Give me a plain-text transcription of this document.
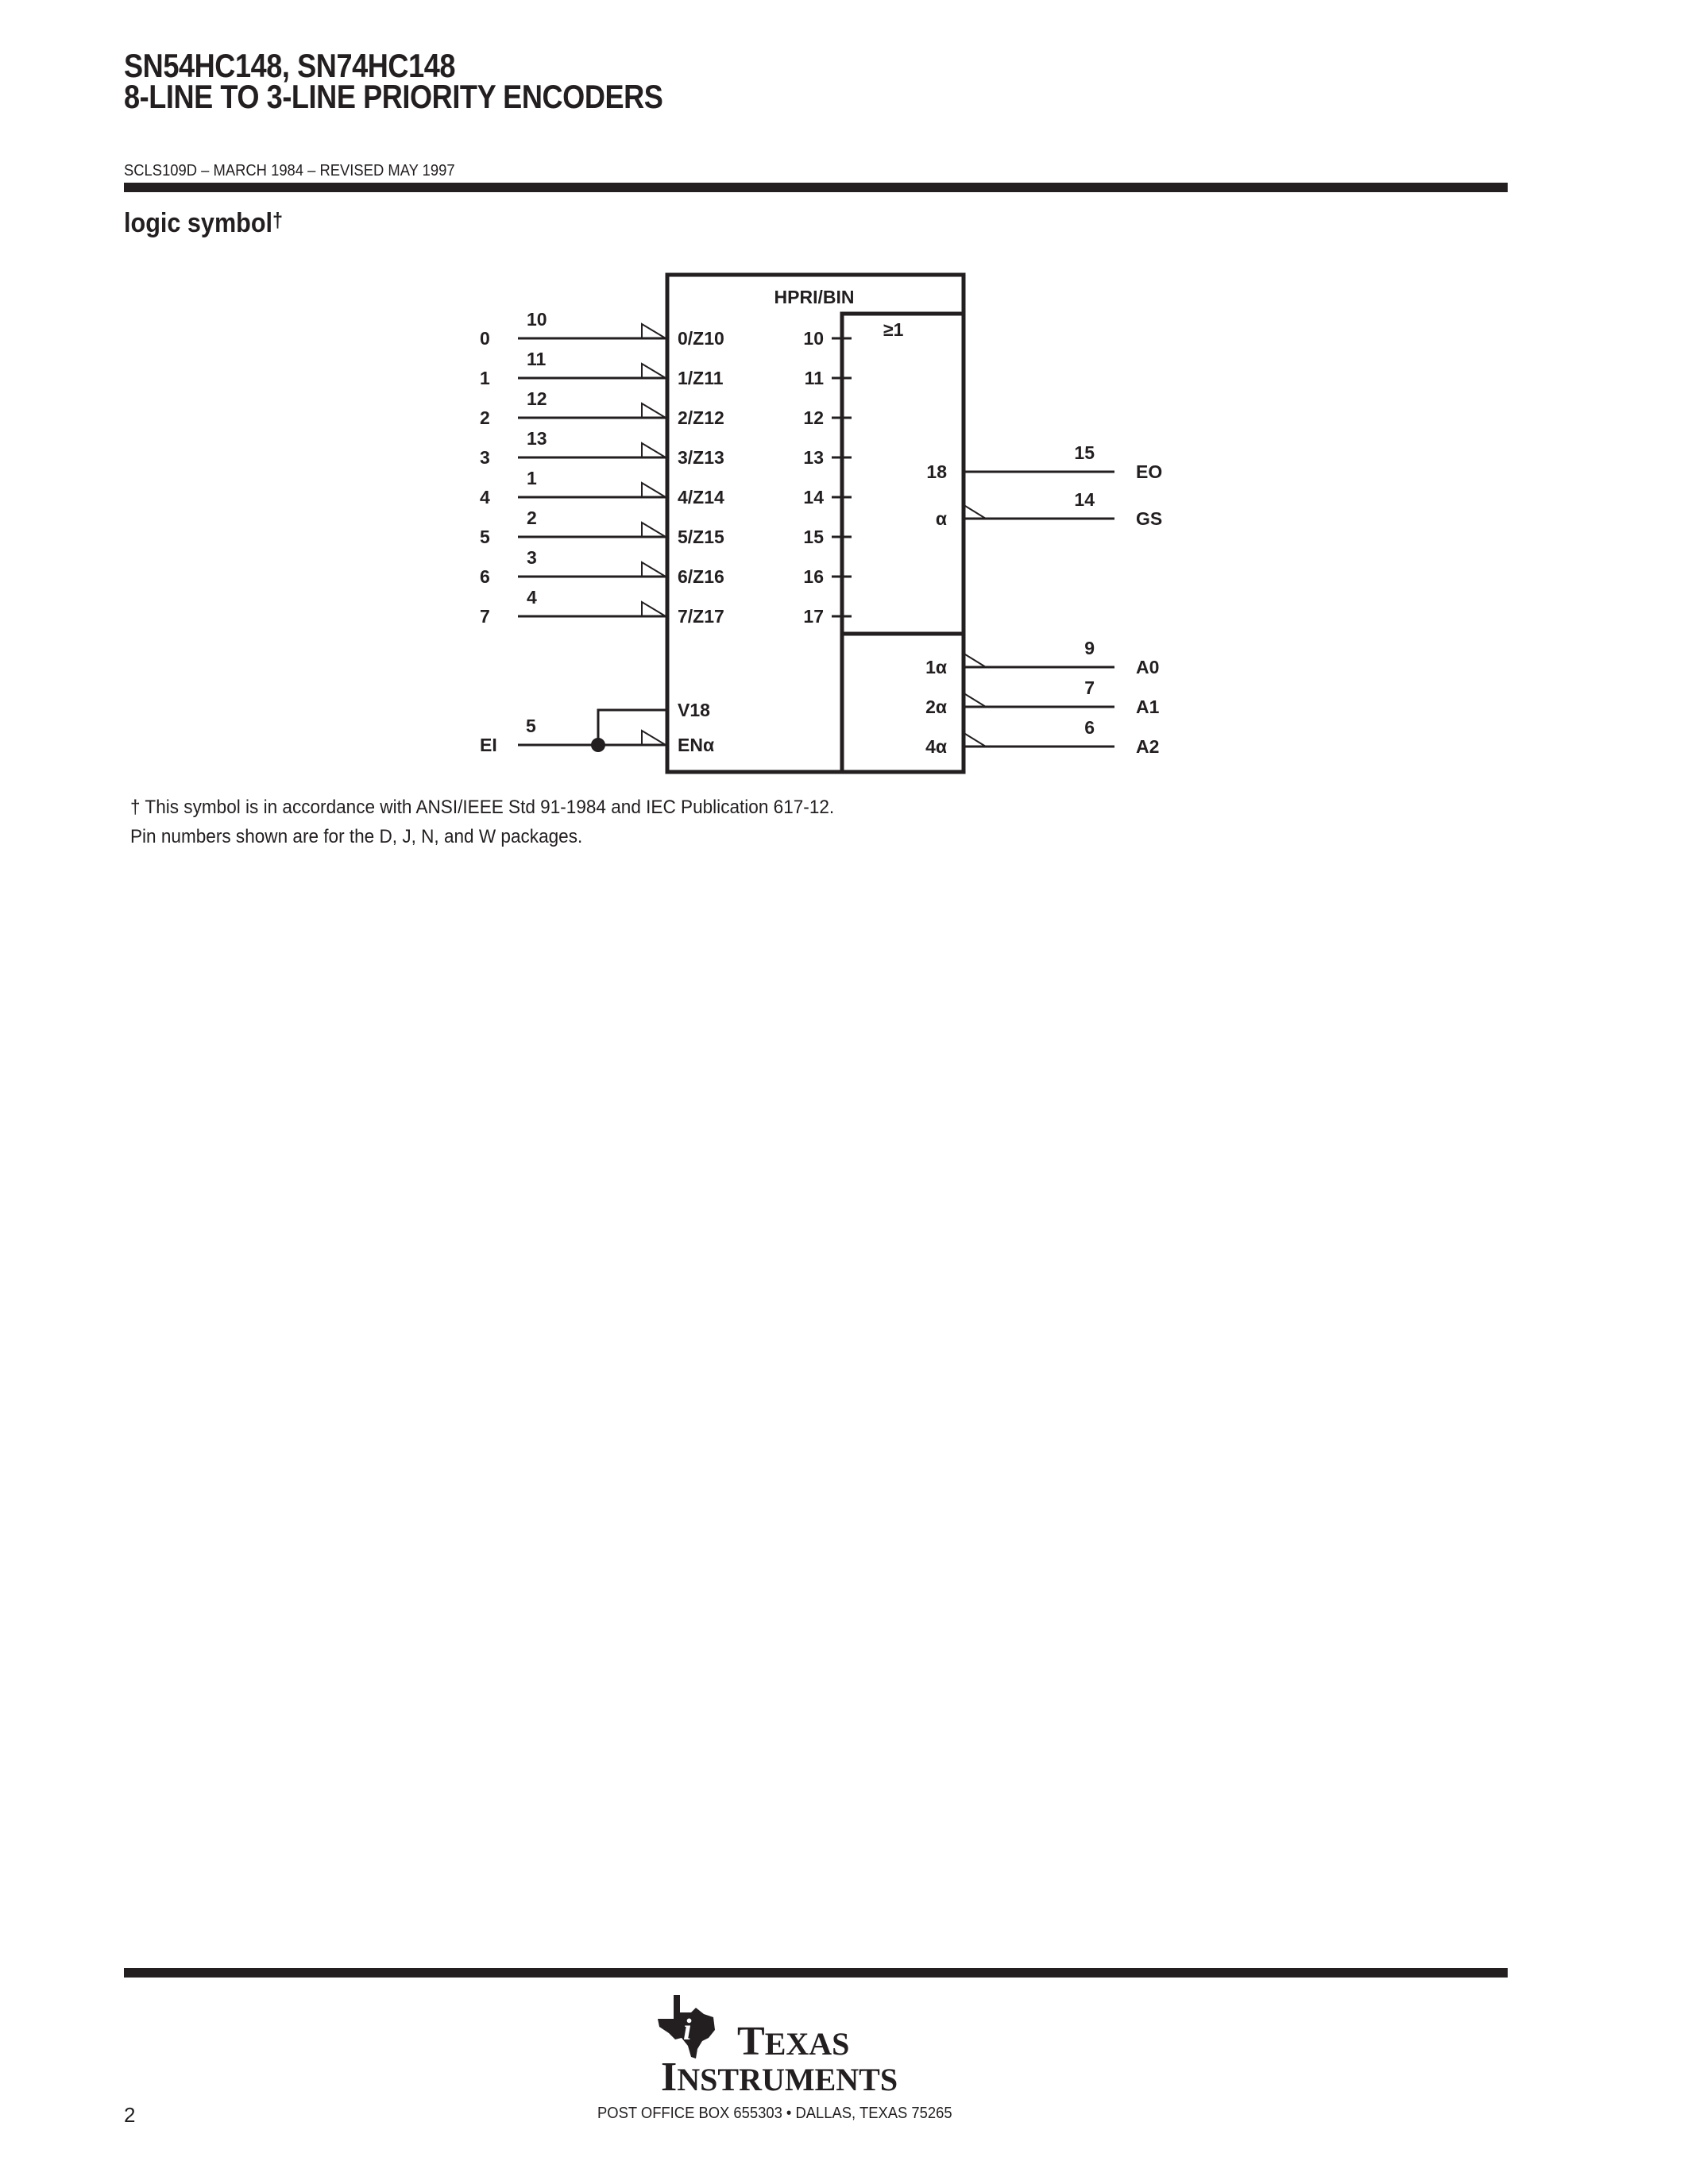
SN54HC148, SN74HC148
8-LINE TO 3-LINE PRIORITY ENCODERS
SCLS109D – MARCH 1984 – REVISED MAY 1997
logic symbol†
HPRI/BIN
≥1
0
10
0/Z10	10
1
11
1/Z11	11
2
12
2/Z12	12
3
13
3/Z13	13
4
1
4/Z14	14
5
2
5/Z15	15
6
3
6/Z16	16
7
4
7/Z17	17
EI
5
V18
ENα
18
15
EO
α
14
GS
1α
9
A0
2α
7
A1
4α
6
A2
† This symbol is in accordance with ANSI/IEEE Std 91-1984 and IEC Publication 617-12.
Pin numbers shown are for the D, J, N, and W packages.
i TEXAS
INSTRUMENTS
2	POST OFFICE BOX 655303 • DALLAS, TEXAS 75265
